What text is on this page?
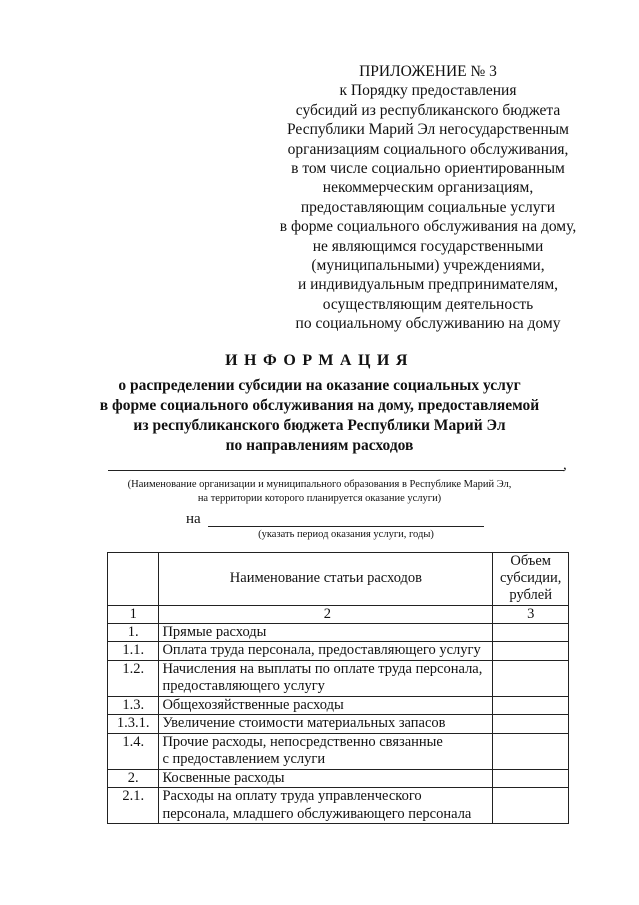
ПРИЛОЖЕНИЕ № 3
к Порядку предоставления
субсидий из республиканского бюджета
Республики Марий Эл негосударственным
организациям социального обслуживания,
в том числе социально ориентированным
некоммерческим организациям,
предоставляющим социальные услуги
в форме социального обслуживания на дому,
не являющимся государственными
(муниципальными) учреждениями,
и индивидуальным предпринимателям,
осуществляющим деятельность
по социальному обслуживанию на дому
ИНФОРМАЦИЯ
о распределении субсидии на оказание социальных услуг
в форме социального обслуживания на дому, предоставляемой
из республиканского бюджета Республики Марий Эл
по направлениям расходов
,
(Наименование организации и муниципального образования в Республике Марий Эл,
на территории которого планируется оказание услуги)
на
(указать период оказания услуги, годы)
	Наименование статьи расходов	Объем
субсидии,
рублей

1	2	3
1.	Прямые расходы	

1.1.	Оплата труда персонала, предоставляющего услугу	

1.2.	Начисления на выплаты по оплате труда персонала,
предоставляющего услугу	

1.3.	Общехозяйственные расходы	

1.3.1.	Увеличение стоимости материальных запасов	

1.4.	Прочие расходы, непосредственно связанные
с предоставлением услуги	

2.	Косвенные расходы	

2.1.	Расходы на оплату труда управленческого
персонала, младшего обслуживающего персонала	
